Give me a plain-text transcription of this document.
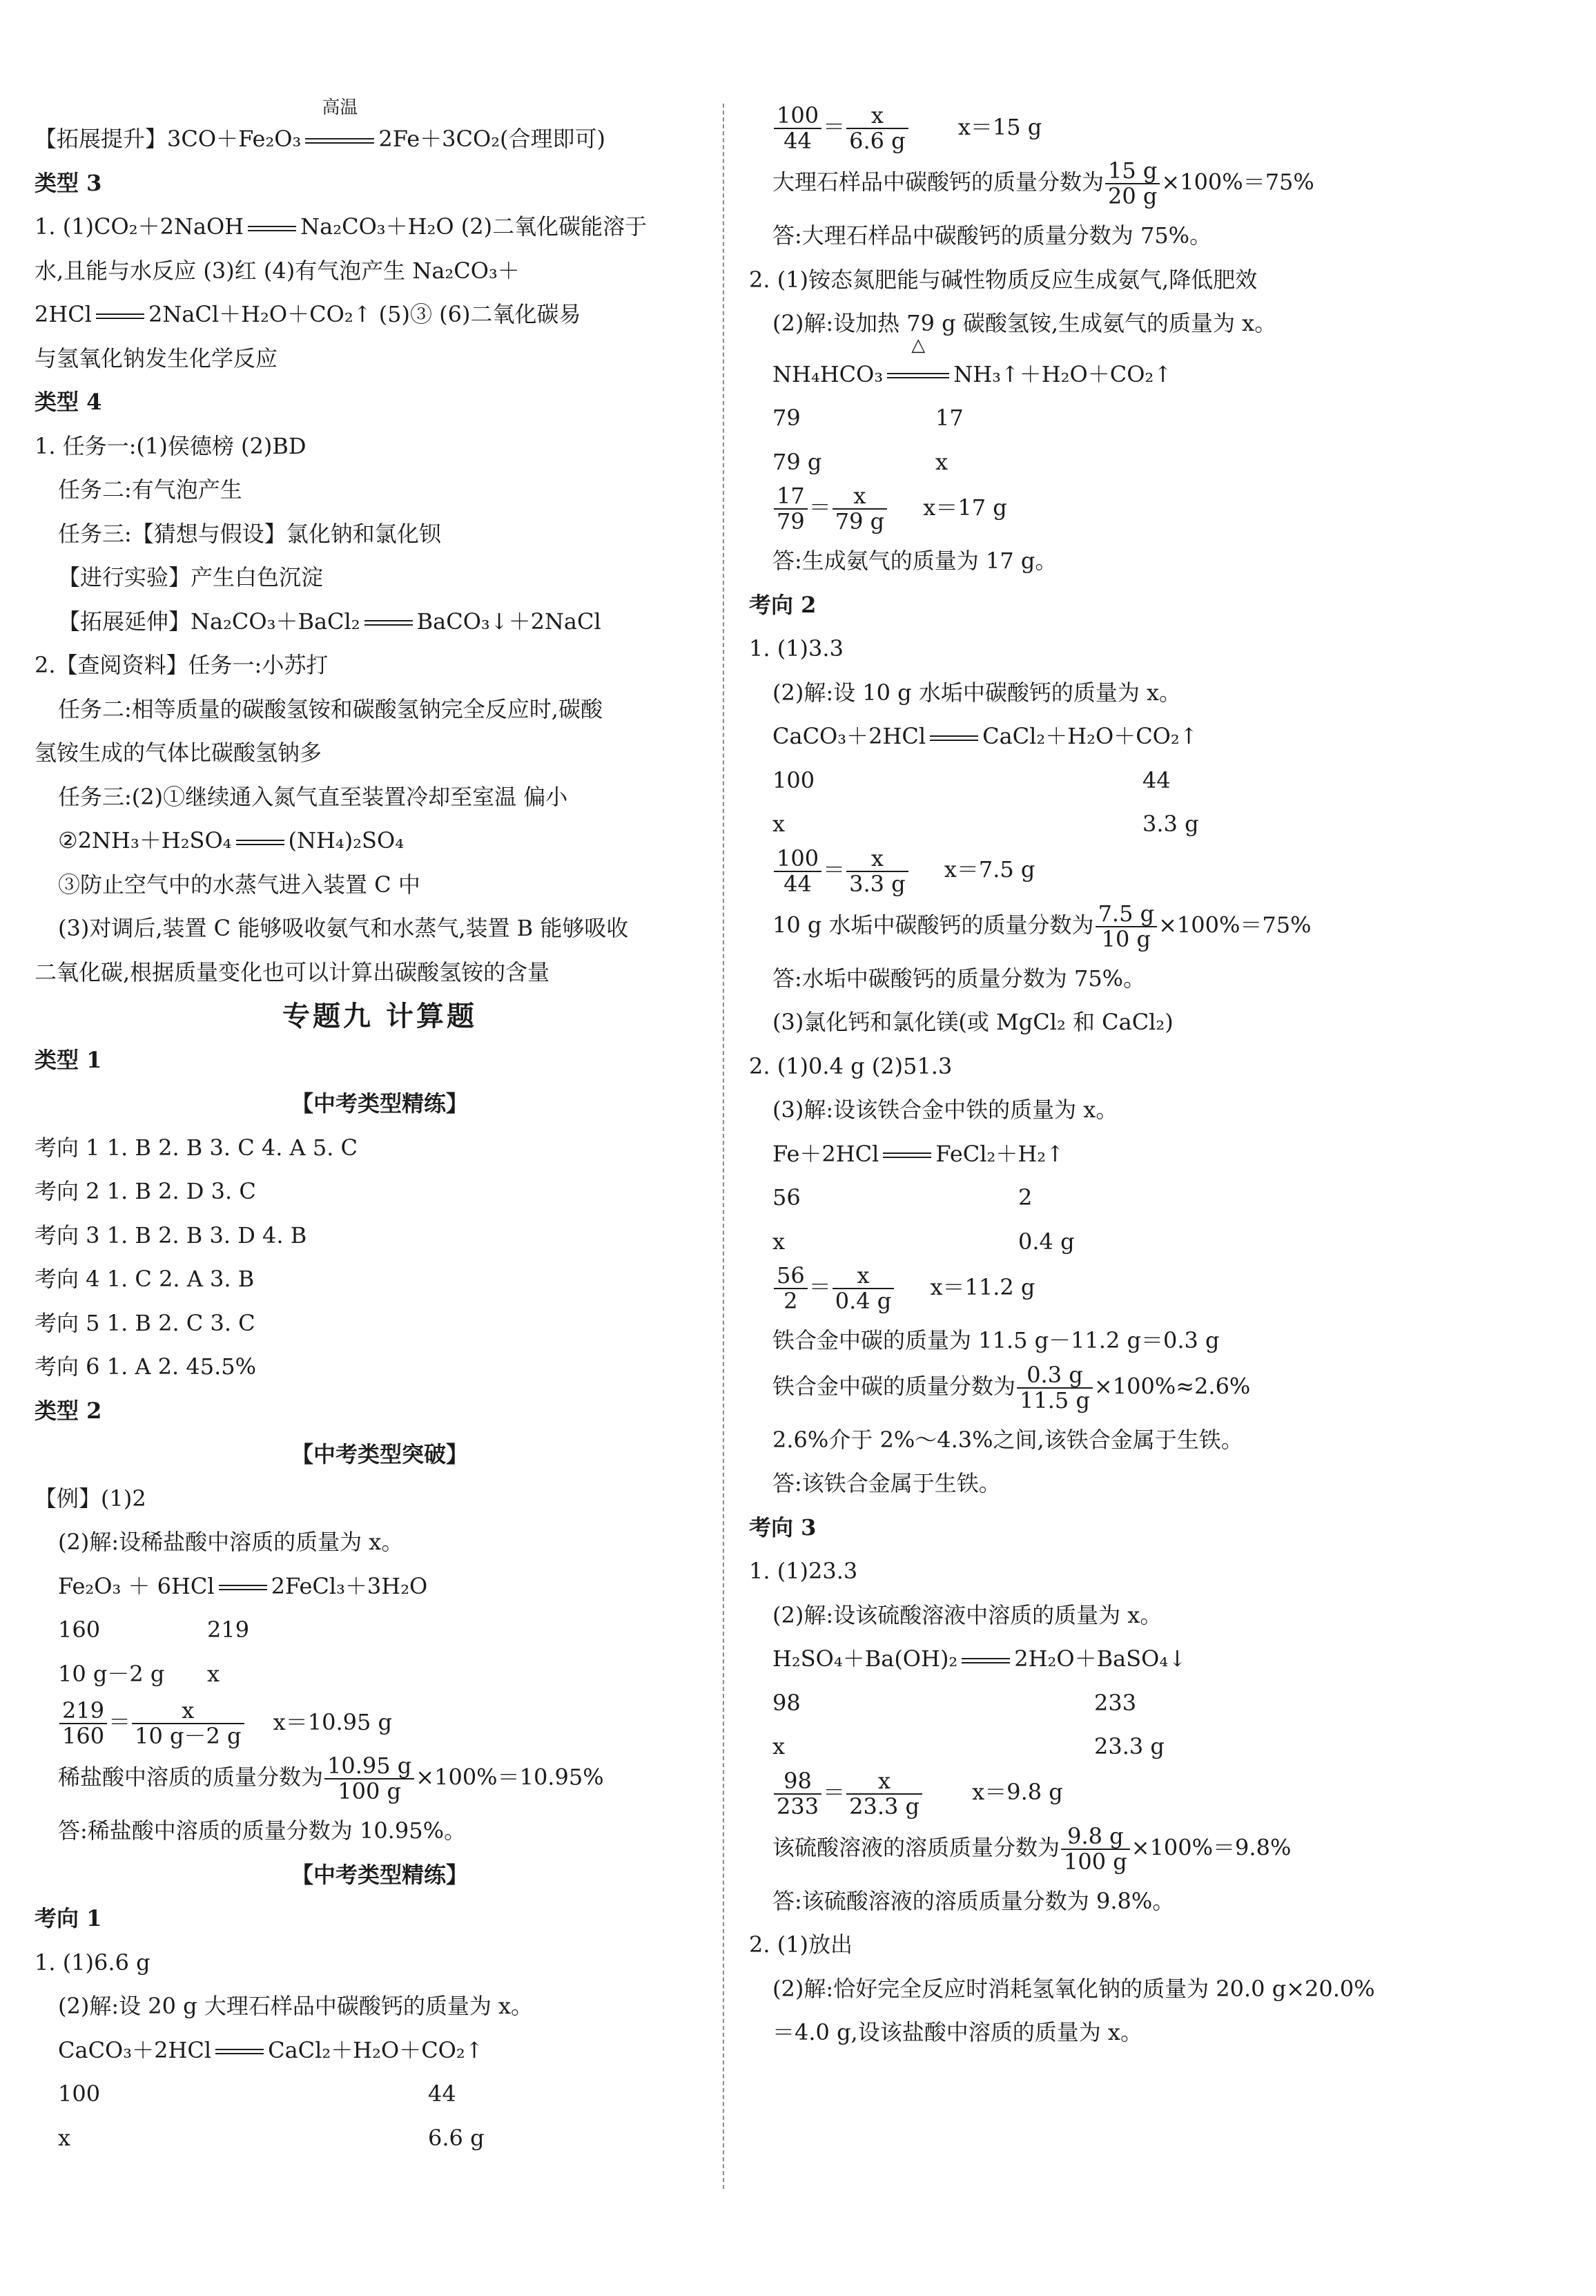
【拓展提升】3CO＋Fe₂O₃
高温
2Fe＋3CO₂(合理即可)
类型 3
1. (1)CO₂＋2NaOH	Na₂CO₃＋H₂O (2)二氧化碳能溶于
水,且能与水反应 (3)红 (4)有气泡产生 Na₂CO₃＋
2HCl	2NaCl＋H₂O＋CO₂↑ (5)③ (6)二氧化碳易
与氢氧化钠发生化学反应
类型 4
1. 任务一:(1)侯德榜 (2)BD
任务二:有气泡产生
任务三:【猜想与假设】氯化钠和氯化钡
【进行实验】产生白色沉淀
【拓展延伸】Na₂CO₃＋BaCl₂	BaCO₃↓＋2NaCl
2.【查阅资料】任务一:小苏打
任务二:相等质量的碳酸氢铵和碳酸氢钠完全反应时,碳酸
氢铵生成的气体比碳酸氢钠多
任务三:(2)①继续通入氮气直至装置冷却至室温 偏小
②2NH₃＋H₂SO₄	(NH₄)₂SO₄
③防止空气中的水蒸气进入装置 C 中
(3)对调后,装置 C 能够吸收氨气和水蒸气,装置 B 能够吸收
二氧化碳,根据质量变化也可以计算出碳酸氢铵的含量
专题九 计算题
类型 1
【中考类型精练】
考向 1 1. B 2. B 3. C 4. A 5. C
考向 2 1. B 2. D 3. C
考向 3 1. B 2. B 3. D 4. B
考向 4 1. C 2. A 3. B
考向 5 1. B 2. C 3. C
考向 6 1. A 2. 45.5%
类型 2
【中考类型突破】
【例】(1)2
(2)解:设稀盐酸中溶质的质量为 x。
Fe₂O₃ ＋ 6HCl	2FeCl₃＋3H₂O
160	219
10 g－2 g x
$\frac{219}{160} = \frac{x}{10 g-2 g} x=10.95$ g
稀盐酸中溶质的质量分数为 $\frac{10.95 g}{100 g} \times 100\%=10.95\%$
答:稀盐酸中溶质的质量分数为 10.95%。
【中考类型精练】
考向 1
1. (1)6.6 g
(2)解:设 20 g 大理石样品中碳酸钙的质量为 x。
CaCO₃＋2HCl	CaCl₂＋H₂O＋CO₂↑
100	44
x	6.6 g
$\frac{100}{44} = \frac{x}{6.6 g} x=15$ g
大理石样品中碳酸钙的质量分数为 $\frac{15 g}{20 g} \times 100\%=75\%$
答:大理石样品中碳酸钙的质量分数为 75%。
2. (1)铵态氮肥能与碱性物质反应生成氨气,降低肥效
(2)解:设加热 79 g 碳酸氢铵,生成氨气的质量为 x。
NH₄HCO₃
△
NH₃↑＋H₂O＋CO₂↑
79	17
79 g	x
$\frac{17}{79} = \frac{x}{79 g} x=17$ g
答:生成氨气的质量为 17 g。
考向 2
1. (1)3.3
(2)解:设 10 g 水垢中碳酸钙的质量为 x。
CaCO₃＋2HCl	CaCl₂＋H₂O＋CO₂↑
100	44
x	3.3 g
$\frac{100}{44} = \frac{x}{3.3 g} x=7.5$ g
10 g 水垢中碳酸钙的质量分数为 $\frac{7.5 g}{10 g} \times 100\%=75\%$
答:水垢中碳酸钙的质量分数为 75%。
(3)氯化钙和氯化镁(或 MgCl₂ 和 CaCl₂)
2. (1)0.4 g (2)51.3
(3)解:设该铁合金中铁的质量为 x。
Fe＋2HCl	FeCl₂＋H₂↑
56	2
x	0.4 g
$\frac{56}{2} = \frac{x}{0.4 g} x=11.2$ g
铁合金中碳的质量为 11.5 g－11.2 g＝0.3 g
铁合金中碳的质量分数为 $\frac{0.3 g}{11.5 g} \times 100\%\approx 2.6\%$
2.6%介于 2%～4.3%之间,该铁合金属于生铁。
答:该铁合金属于生铁。
考向 3
1. (1)23.3
(2)解:设该硫酸溶液中溶质的质量为 x。
H₂SO₄＋Ba(OH)₂	2H₂O＋BaSO₄↓
98	233
x	23.3 g
$\frac{98}{233} = \frac{x}{23.3 g} x=9.8$ g
该硫酸溶液的溶质质量分数为 $\frac{9.8 g}{100 g} \times 100\%=9.8\%$
答:该硫酸溶液的溶质质量分数为 9.8%。
2. (1)放出
(2)解:恰好完全反应时消耗氢氧化钠的质量为 20.0 g×20.0%
＝4.0 g,设该盐酸中溶质的质量为 x。
